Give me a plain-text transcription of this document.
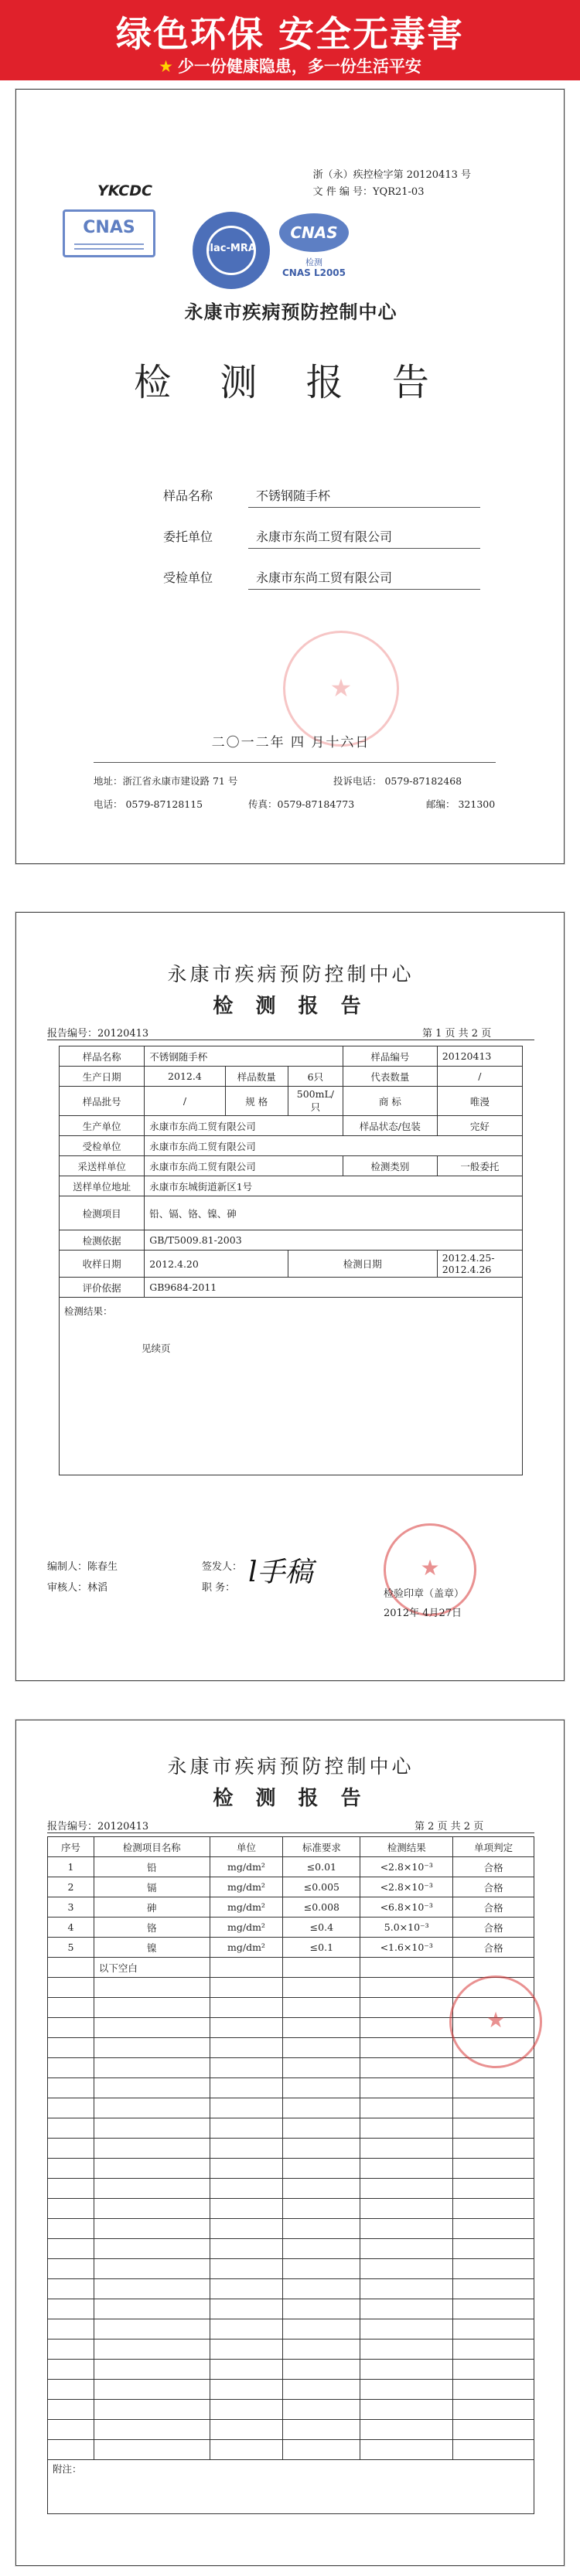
绿色环保 安全无毒害
★ 少一份健康隐患，多一份生活平安
浙（永）疾控检字第 20120413 号
文 件 编 号：YQR21-03
YKCDC
CNAS
ilac-MRA
CNAS
检测
CNAS L2005
永康市疾病预防控制中心
检 测 报 告
样品名称	不锈钢随手杯
委托单位	永康市东尚工贸有限公司
受检单位	永康市东尚工贸有限公司
★
二〇一二年 四 月十六日
地址：浙江省永康市建设路 71 号	投诉电话： 0579-87182468
电话： 0579-87128115	传真：0579-87184773	邮编： 321300
永康市疾病预防控制中心
检 测 报 告
报告编号：20120413	第 1 页 共 2 页
样品名称	不锈钢随手杯			样品编号	20120413
生产日期	2012.4	样品数量	6只	代表数量	/
样品批号	/	规 格	500mL/只	商 标	唯漫
生产单位	永康市东尚工贸有限公司			样品状态/包装	完好
受检单位	永康市东尚工贸有限公司				
采送样单位	永康市东尚工贸有限公司			检测类别	一般委托
送样单位地址	永康市东城街道新区1号				
检测项目	铅、镉、铬、镍、砷				
检测依据	GB/T5009.81-2003				
收样日期	2012.4.20		检测日期		2012.4.25-2012.4.26
评价依据	GB9684-2011				

检测结果：
见续页					
编制人：陈春生
审核人：林滔
签发人：
职 务： l手稿	★
检验印章（盖章）
2012年 4月27日
永康市疾病预防控制中心
检 测 报 告
报告编号：20120413	第 2 页 共 2 页
序号	检测项目名称	单位	标准要求	检测结果	单项判定
1	铅	mg/dm²	≤0.01	<2.8×10⁻³	合格
2	镉	mg/dm²	≤0.005	<2.8×10⁻³	合格
3	砷	mg/dm²	≤0.008	<6.8×10⁻³	合格
4	铬	mg/dm²	≤0.4	5.0×10⁻³	合格
5	镍	mg/dm²	≤0.1	<1.6×10⁻³	合格
	以下空白				

附注：					
★
